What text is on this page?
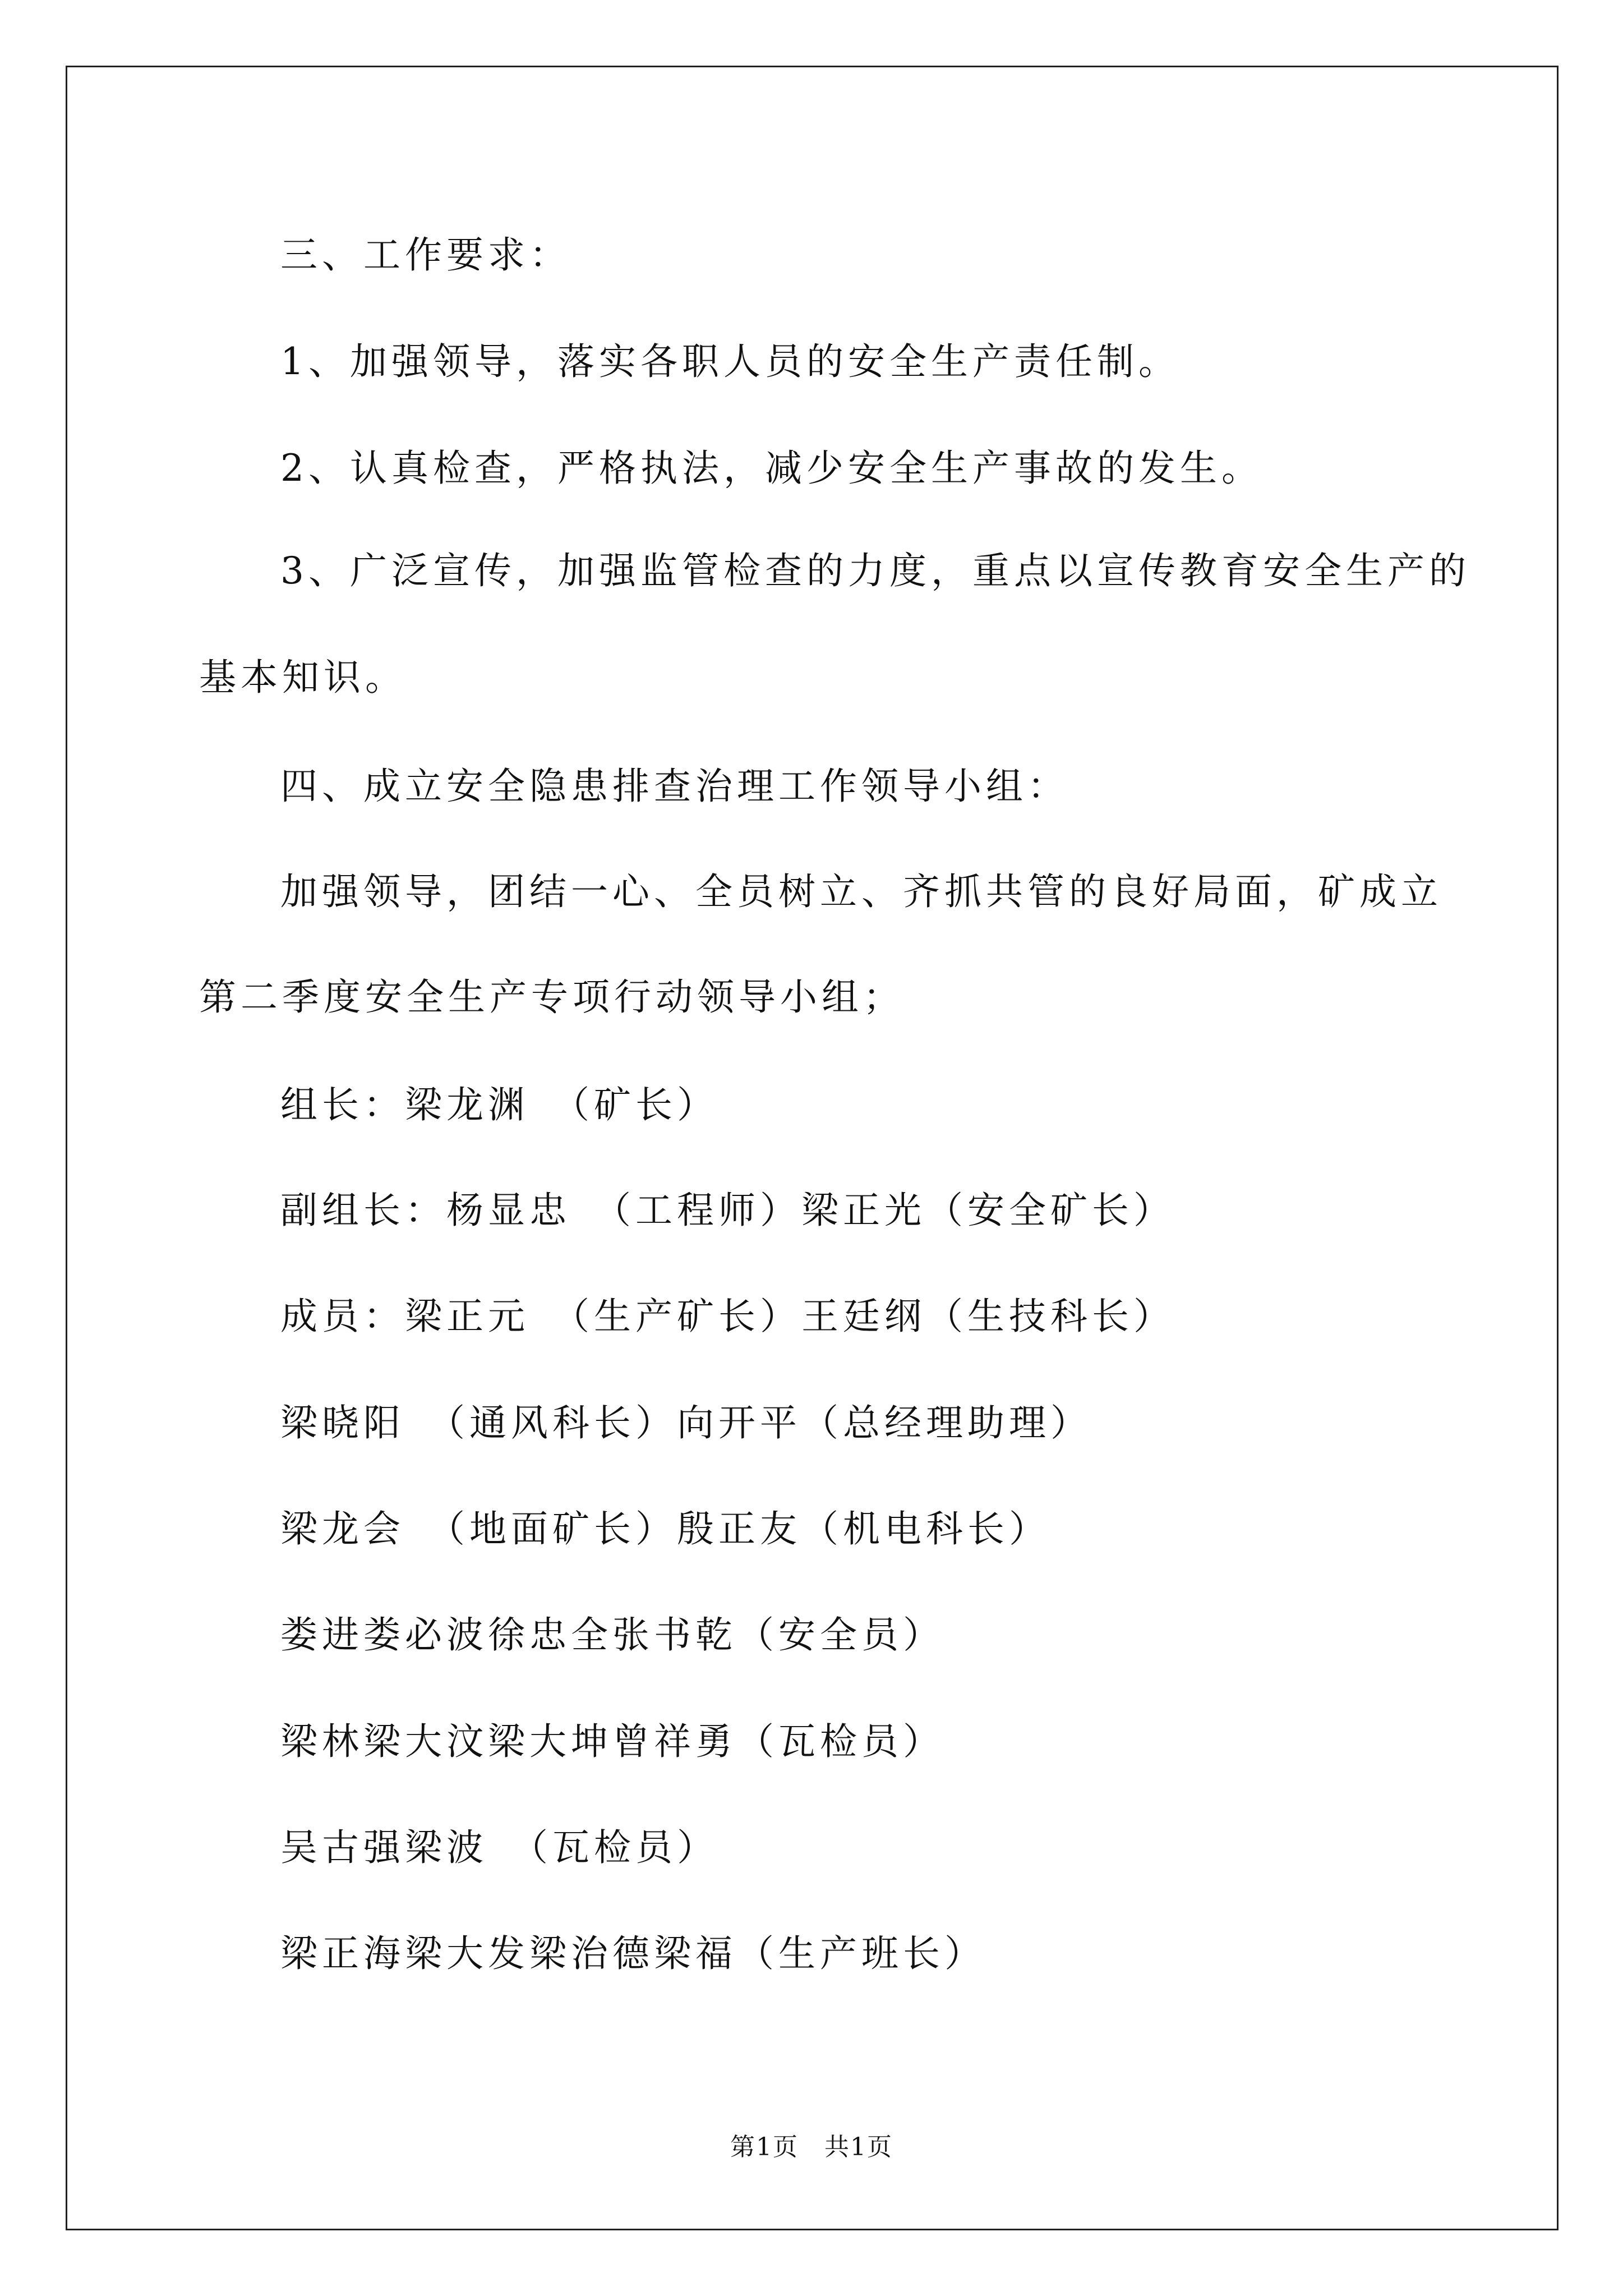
三、工作要求：
1、加强领导，落实各职人员的安全生产责任制。
2、认真检查，严格执法，减少安全生产事故的发生。
3、广泛宣传，加强监管检查的力度，重点以宣传教育安全生产的
基本知识。
四、成立安全隐患排查治理工作领导小组：
加强领导，团结一心、全员树立、齐抓共管的良好局面，矿成立
第二季度安全生产专项行动领导小组；
组长：梁龙渊　（矿长）
副组长：杨显忠　（工程师）梁正光（安全矿长）
成员：梁正元　（生产矿长）王廷纲（生技科长）
梁晓阳　（通风科长）向开平（总经理助理）
梁龙会　（地面矿长）殷正友（机电科长）
娄进娄必波徐忠全张书乾（安全员）
梁林梁大汶梁大坤曾祥勇（瓦检员）
吴古强梁波　（瓦检员）
梁正海梁大发梁治德梁福（生产班长）
第1页　共1页
